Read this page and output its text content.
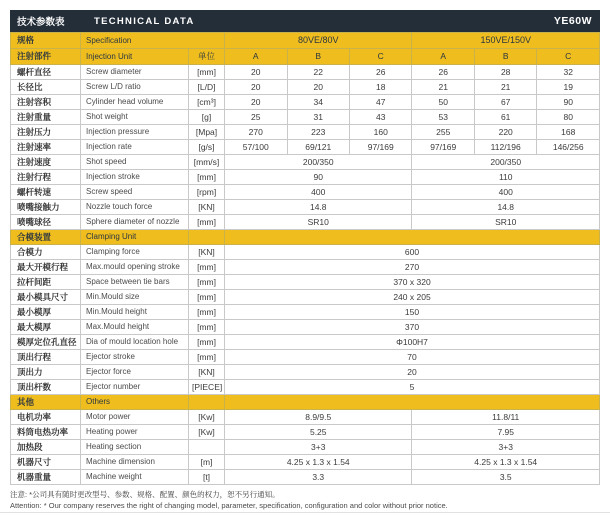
技术参数表	TECHNICAL DATA	YE60W
规格	Specification		80VE/80V			150VE/150V		
注射部件	Injection Unit	单位	A	B	C	A	B	C
螺杆直径	Screw diameter	[mm]	20	22	26	26	28	32
长径比	Screw L/D ratio	[L/D]	20	20	18	21	21	19
注射容积	Cylinder head volume	[cm³]	20	34	47	50	67	90
注射重量	Shot weight	[g]	25	31	43	53	61	80
注射压力	Injection pressure	[Mpa]	270	223	160	255	220	168
注射速率	Injection rate	[g/s]	57/100	69/121	97/169	97/169	112/196	146/256
注射速度	Shot speed	[mm/s]	200/350			200/350		
注射行程	Injection stroke	[mm]	90			110		
螺杆转速	Screw speed	[rpm]	400			400		
喷嘴接触力	Nozzle touch force	[KN]	14.8			14.8		
喷嘴球径	Sphere diameter of nozzle	[mm]	SR10			SR10		
合模装置	Clamping Unit							
合模力	Clamping force	[KN]	600					
最大开模行程	Max.mould opening stroke	[mm]	270					
拉杆间距	Space between tie bars	[mm]	370 x 320					
最小模具尺寸	Min.Mould size	[mm]	240 x 205					
最小模厚	Min.Mould height	[mm]	150					
最大模厚	Max.Mould height	[mm]	370					
模厚定位孔直径	Dia of mould location hole	[mm]	Φ100H7					
顶出行程	Ejector stroke	[mm]	70					
顶出力	Ejector force	[KN]	20					
顶出杆数	Ejector number	[PIECE]	5					
其他	Others							
电机功率	Motor power	[Kw]	8.9/9.5			11.8/11		
料筒电热功率	Heating power	[Kw]	5.25			7.95		
加热段	Heating section		3+3			3+3		
机器尺寸	Machine dimension	[m]	4.25 x 1.3 x 1.54			4.25 x 1.3 x 1.54		
机器重量	Machine weight	[t]	3.3			3.5		
注意: *公司具有随时更改型号、参数、规格、配置、颜色的权力，恕不另行通知。
Attention: * Our company reserves the right of changing model, parameter, specification, configuration and color without prior notice.
